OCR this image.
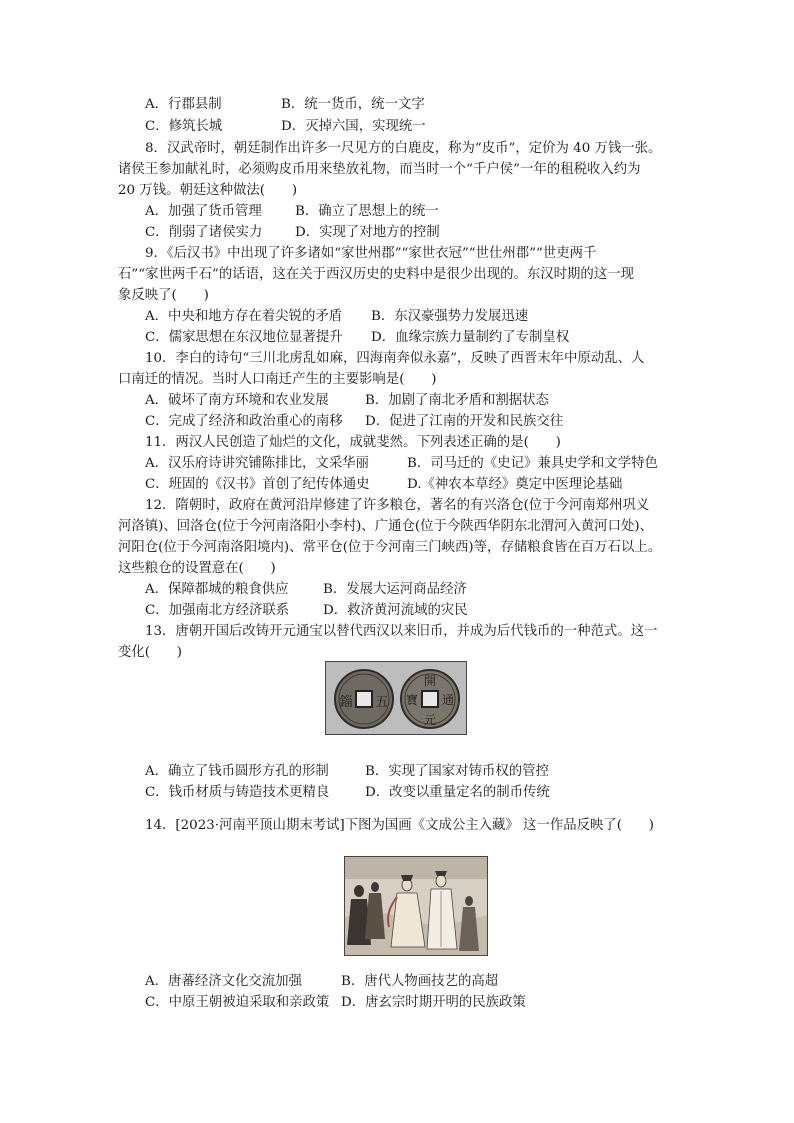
A．行郡县制	B．统一货币，统一文字
C．修筑长城	D．灭掉六国，实现统一
8．汉武帝时，朝廷制作出许多一尺见方的白鹿皮，称为“皮币”，定价为 40 万钱一张。
诸侯王参加献礼时，必须购皮币用来垫放礼物，而当时一个“千户侯”一年的租税收入约为
20 万钱。朝廷这种做法(　　)
A．加强了货币管理 B．确立了思想上的统一
C．削弱了诸侯实力 D．实现了对地方的控制
9．《后汉书》中出现了许多诸如“家世州郡”“家世衣冠”“世仕州郡”“世吏两千
石”“家世两千石”的话语，这在关于西汉历史的史料中是很少出现的。东汉时期的这一现
象反映了(　　)
A．中央和地方存在着尖锐的矛盾 B．东汉豪强势力发展迅速
C．儒家思想在东汉地位显著提升 D．血缘宗族力量制约了专制皇权
10．李白的诗句“三川北虏乱如麻，四海南奔似永嘉”，反映了西晋末年中原动乱、人
口南迁的情况。当时人口南迁产生的主要影响是(　　)
A．破坏了南方环境和农业发展	B．加剧了南北矛盾和割据状态
C．完成了经济和政治重心的南移 D．促进了江南的开发和民族交往
11．两汉人民创造了灿烂的文化，成就斐然。下列表述正确的是(　　)
A．汉乐府诗讲究铺陈排比，文采华丽	B．司马迁的《史记》兼具史学和文学特色
C．班固的《汉书》首创了纪传体通史	D.《神农本草经》奠定中医理论基础
12．隋朝时，政府在黄河沿岸修建了许多粮仓，著名的有兴洛仓(位于今河南郑州巩义
河洛镇)、回洛仓(位于今河南洛阳小李村)、广通仓(位于今陕西华阴东北渭河入黄河口处)、
河阳仓(位于今河南洛阳境内)、常平仓(位于今河南三门峡西)等，存储粮食皆在百万石以上。
这些粮仓的设置意在(　　)
A．保障都城的粮食供应	B．发展大运河商品经济
C．加强南北方经济联系	D．救济黄河流域的灾民
13．唐朝开国后改铸开元通宝以替代西汉以来旧币，并成为后代钱币的一种范式。这一
变化(　　)
錙 五
開
通
元
寶
A．确立了钱币圆形方孔的形制	B．实现了国家对铸币权的管控
C．钱币材质与铸造技术更精良	D．改变以重量定名的制币传统
14．[2023·河南平顶山期末考试]下图为国画《文成公主入藏》 这一作品反映了(　　)
A．唐蕃经济文化交流加强	B．唐代人物画技艺的高超
C．中原王朝被迫采取和亲政策 D．唐玄宗时期开明的民族政策
